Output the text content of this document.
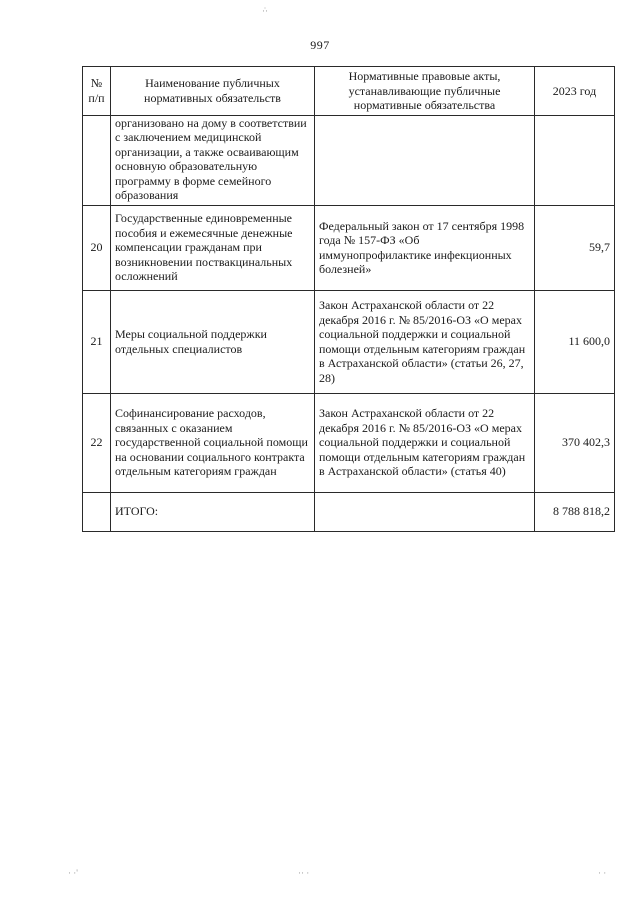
·̇·
997
№ п/п	Наименование публичных нормативных обязательств	Нормативные правовые акты, устанавливающие публичные нормативные обязательства	2023 год
	организовано на дому в соответствии с заключением медицинской организации, а также осваивающим основную образовательную программу в форме семейного образования		
20	Государственные единовременные пособия и ежемесячные денежные компенсации гражданам при возникновении поствакцинальных осложнений	Федеральный закон от 17 сентября 1998 года № 157-ФЗ «Об иммунопрофилактике инфекционных болезней»	59,7
21	Меры социальной поддержки отдельных специалистов	Закон Астраханской области от 22 декабря 2016 г. № 85/2016-ОЗ «О мерах социальной поддержки и социальной помощи отдельным категориям граждан в Астраханской области» (статьи 26, 27, 28)	11 600,0
22	Софинансирование расходов, связанных с оказанием государственной социальной помощи на основании социального контракта отдельным категориям граждан	Закон Астраханской области от 22 декабря 2016 г. № 85/2016-ОЗ «О мерах социальной поддержки и социальной помощи отдельным категориям граждан в Астраханской области» (статья 40)	370 402,3
	ИТОГО:		8 788 818,2
· ·'	·· ·	· ·
